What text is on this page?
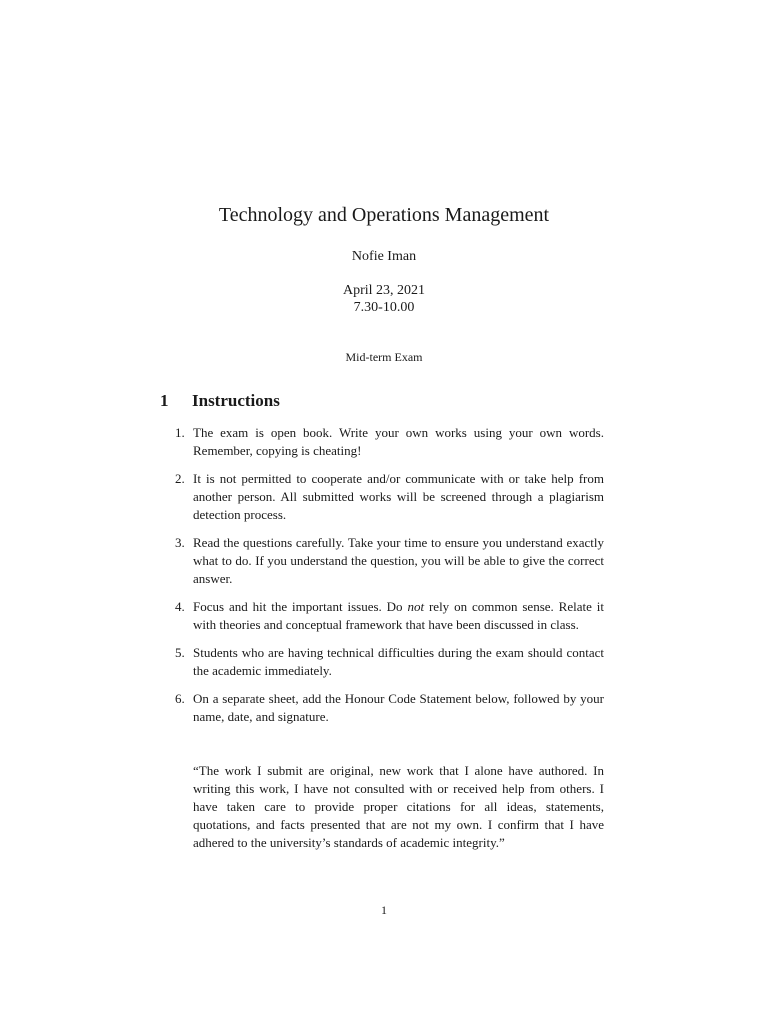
Technology and Operations Management
Nofie Iman
April 23, 2021
7.30-10.00
Mid-term Exam
1 Instructions
1. The exam is open book. Write your own works using your own words. Remember, copying is cheating!
2. It is not permitted to cooperate and/or communicate with or take help from another person. All submitted works will be screened through a plagiarism detection process.
3. Read the questions carefully. Take your time to ensure you understand exactly what to do. If you understand the question, you will be able to give the correct answer.
4. Focus and hit the important issues. Do not rely on common sense. Relate it with theories and conceptual framework that have been discussed in class.
5. Students who are having technical difficulties during the exam should contact the academic immediately.
6. On a separate sheet, add the Honour Code Statement below, followed by your name, date, and signature.
“The work I submit are original, new work that I alone have authored. In writing this work, I have not consulted with or received help from others. I have taken care to provide proper citations for all ideas, statements, quotations, and facts presented that are not my own. I confirm that I have adhered to the university’s standards of academic integrity.”
1
